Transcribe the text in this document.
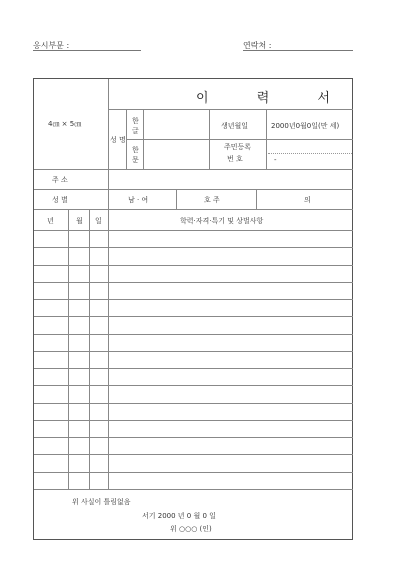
응시부문 :	연락처 :
4㎝ × 5㎝
이 력 서
성 명
한
글
한
문
생년월일	2000년0월0일(만 세)
주민등록
번 호	-
주 소
성 별	남 · 여	호 주	의
년	월 일	학력·자격·특기 및 상벌사항
위 사실이 틀림없음
서기 2000 년 0 월 0 일
위 ○○○ (인)
